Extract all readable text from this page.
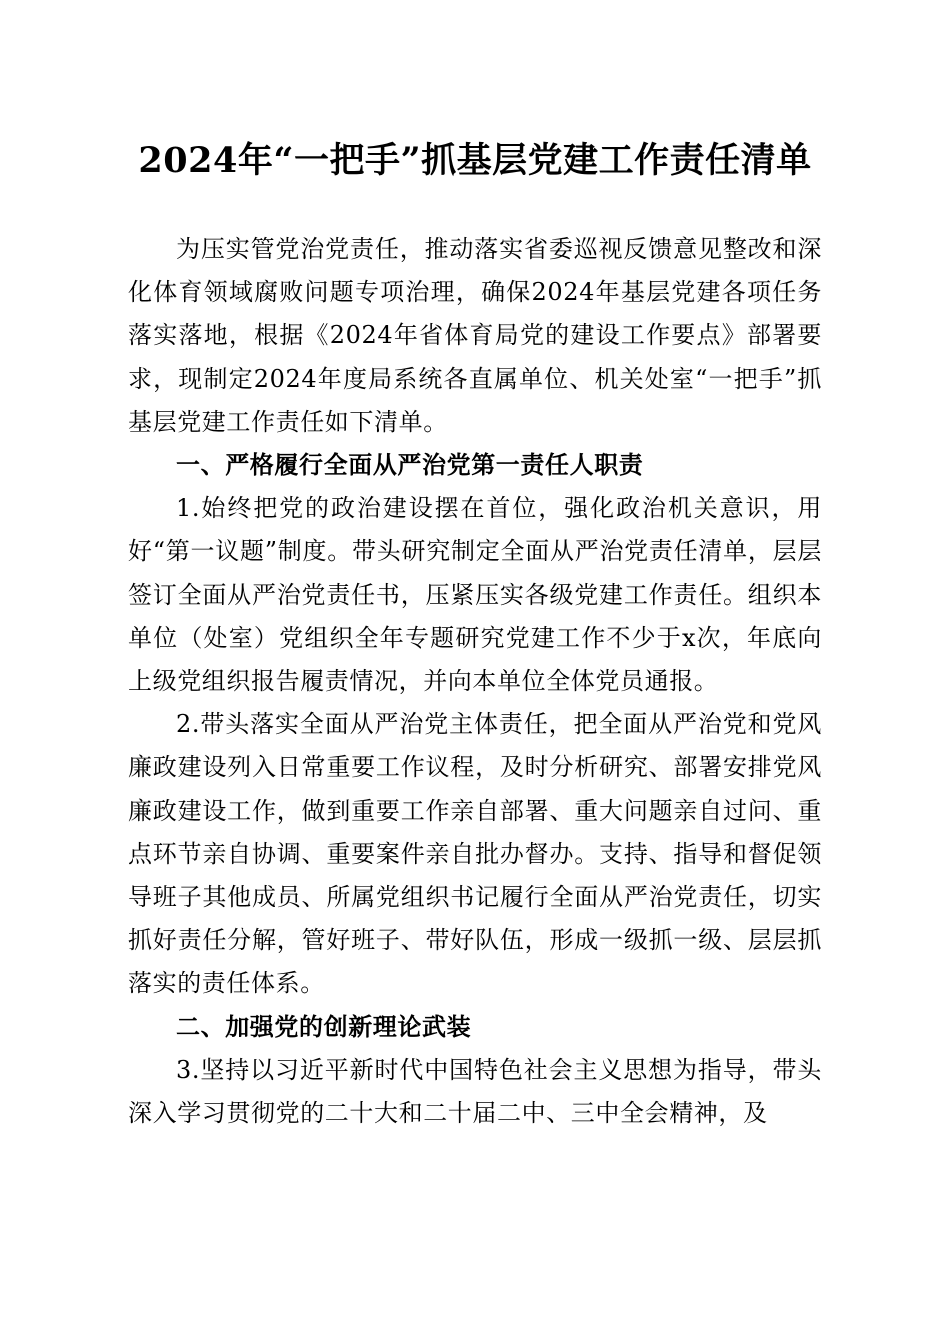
2024年“一把手”抓基层党建工作责任清单

为压实管党治党责任，推动落实省委巡视反馈意见整改和深化体育领域腐败问题专项治理，确保2024年基层党建各项任务落实落地，根据《2024年省体育局党的建设工作要点》部署要求，现制定2024年度局系统各直属单位、机关处室“一把手”抓基层党建工作责任如下清单。

一、严格履行全面从严治党第一责任人职责

1.始终把党的政治建设摆在首位，强化政治机关意识，用好“第一议题”制度。带头研究制定全面从严治党责任清单，层层签订全面从严治党责任书，压紧压实各级党建工作责任。组织本单位（处室）党组织全年专题研究党建工作不少于x次，年底向上级党组织报告履责情况，并向本单位全体党员通报。

2.带头落实全面从严治党主体责任，把全面从严治党和党风廉政建设列入日常重要工作议程，及时分析研究、部署安排党风廉政建设工作，做到重要工作亲自部署、重大问题亲自过问、重点环节亲自协调、重要案件亲自批办督办。支持、指导和督促领导班子其他成员、所属党组织书记履行全面从严治党责任，切实抓好责任分解，管好班子、带好队伍，形成一级抓一级、层层抓落实的责任体系。

二、加强党的创新理论武装

3.坚持以习近平新时代中国特色社会主义思想为指导，带头深入学习贯彻党的二十大和二十届二中、三中全会精神，及
